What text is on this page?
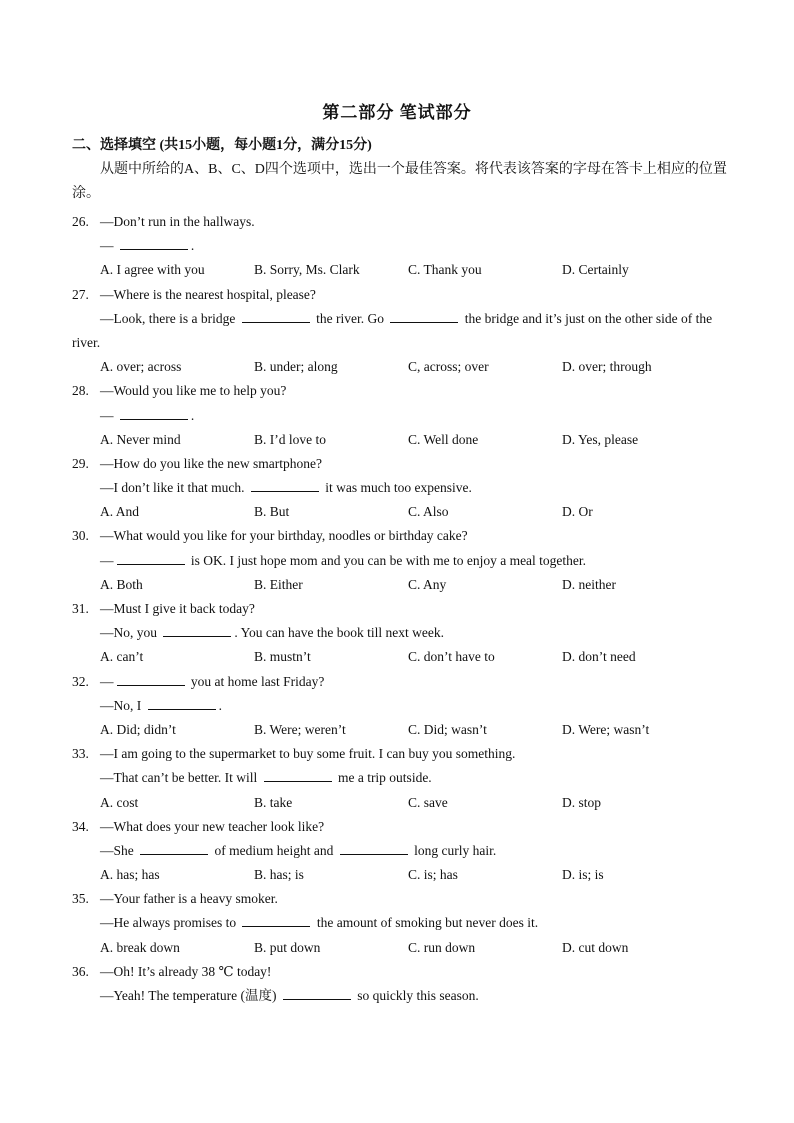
第二部分 笔试部分
二、选择填空 (共15小题，每小题1分，满分15分)
从题中所给的A、B、C、D四个选项中，选出一个最佳答案。将代表该答案的字母在答卡上相应的位置涂。
26. —Don’t run in the hallways.
—	.
A. I agree with you	B. Sorry, Ms. Clark	C. Thank you	D. Certainly
27. —Where is the nearest hospital, please?
—Look, there is a bridge	the river. Go	the bridge and it’s just on the other side of the
river.
A. over; across	B. under; along	C, across; over	D. over; through
28. —Would you like me to help you?
—	.
A. Never mind	B. I’d love to	C. Well done	D. Yes, please
29. —How do you like the new smartphone?
—I don’t like it that much.	it was much too expensive.
A. And	B. But	C. Also	D. Or
30. —What would you like for your birthday, noodles or birthday cake?
—	is OK. I just hope mom and you can be with me to enjoy a meal together.
A. Both	B. Either	C. Any	D. neither
31. —Must I give it back today?
—No, you	. You can have the book till next week.
A. can’t	B. mustn’t	C. don’t have to	D. don’t need
32. —	you at home last Friday?
—No, I	.
A. Did; didn’t	B. Were; weren’t	C. Did; wasn’t	D. Were; wasn’t
33. —I am going to the supermarket to buy some fruit. I can buy you something.
—That can’t be better. It will	me a trip outside.
A. cost	B. take	C. save	D. stop
34. —What does your new teacher look like?
—She	of medium height and	long curly hair.
A. has; has	B. has; is	C. is; has	D. is; is
35. —Your father is a heavy smoker.
—He always promises to	the amount of smoking but never does it.
A. break down	B. put down	C. run down	D. cut down
36. —Oh! It’s already 38 ℃ today!
—Yeah! The temperature (温度)	so quickly this season.
